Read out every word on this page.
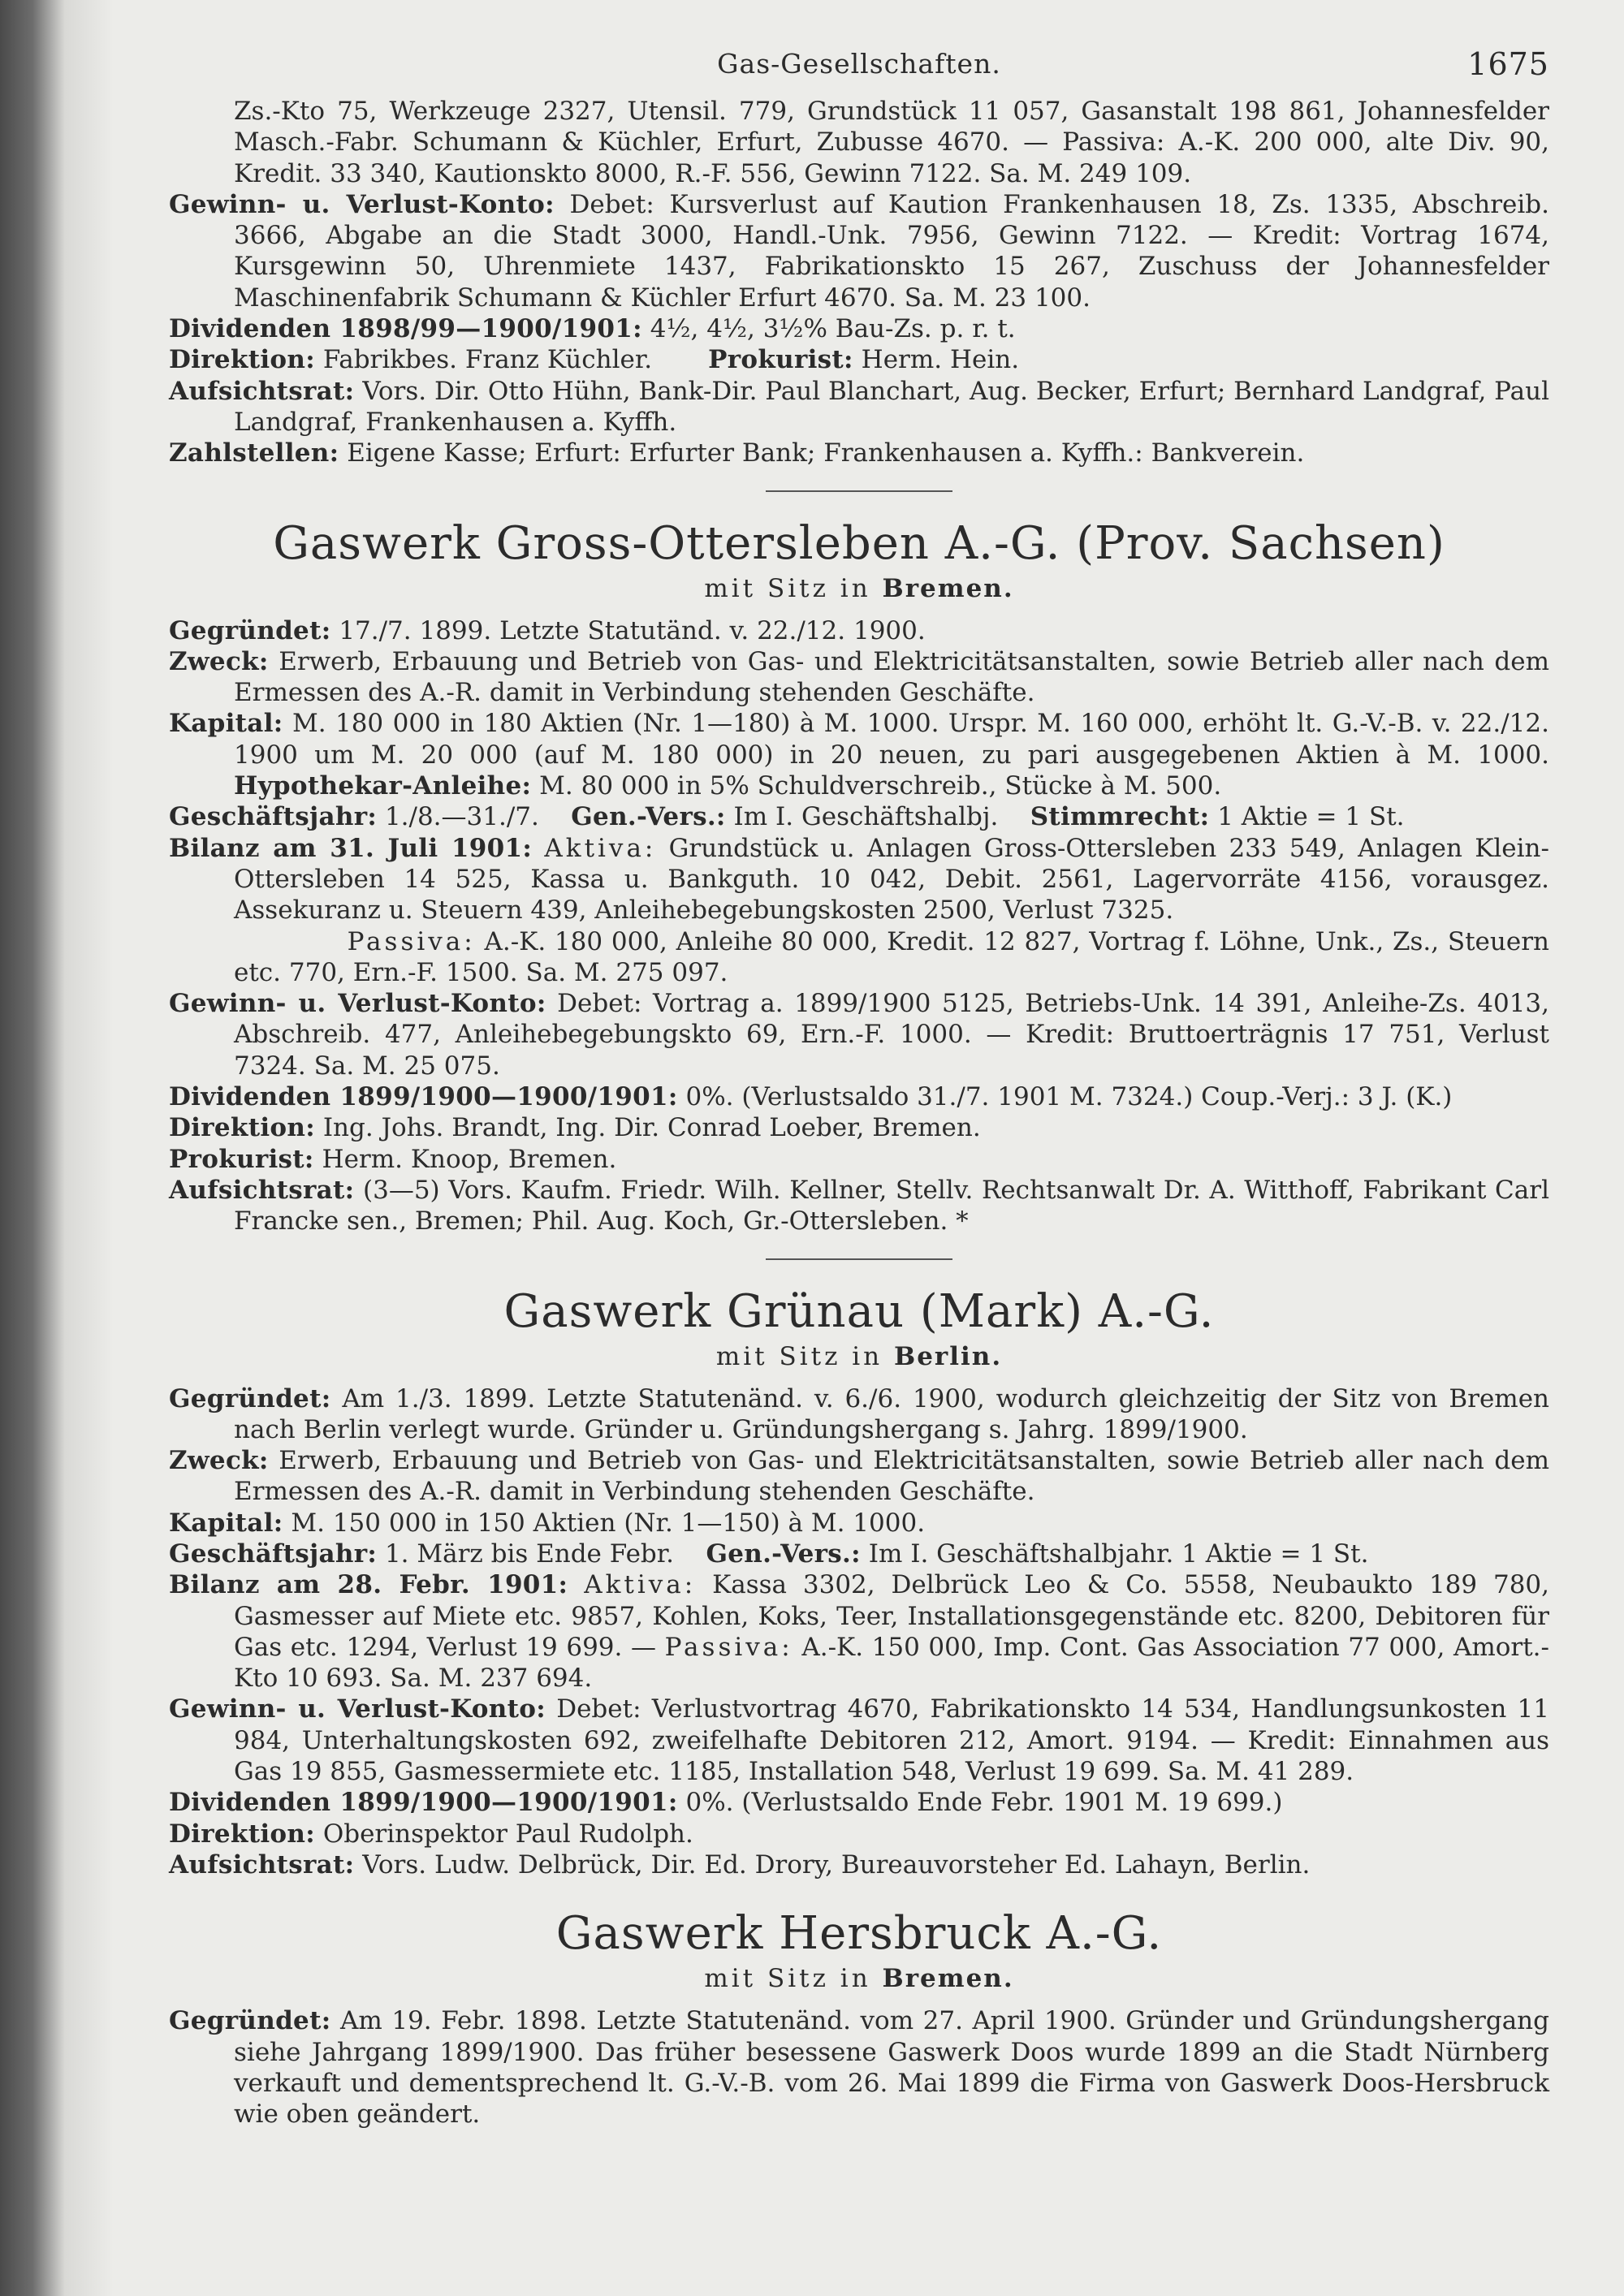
Gas-Gesellschaften.	1675

Zs.-Kto 75, Werkzeuge 2327, Utensil. 779, Grundstück 11 057, Gasanstalt 198 861, Johannesfelder Masch.-Fabr. Schumann & Küchler, Erfurt, Zubusse 4670. — Passiva: A.-K. 200 000, alte Div. 90, Kredit. 33 340, Kautionskto 8000, R.-F. 556, Gewinn 7122. Sa. M. 249 109.

Gewinn- u. Verlust-Konto: Debet: Kursverlust auf Kaution Frankenhausen 18, Zs. 1335, Abschreib. 3666, Abgabe an die Stadt 3000, Handl.-Unk. 7956, Gewinn 7122. — Kredit: Vortrag 1674, Kursgewinn 50, Uhrenmiete 1437, Fabrikationskto 15 267, Zuschuss der Johannesfelder Maschinenfabrik Schumann & Küchler Erfurt 4670. Sa. M. 23 100.

Dividenden 1898/99—1900/1901: 4½, 4½, 3½% Bau-Zs. p. r. t.

Direktion: Fabrikbes. Franz Küchler. Prokurist: Herm. Hein.

Aufsichtsrat: Vors. Dir. Otto Hühn, Bank-Dir. Paul Blanchart, Aug. Becker, Erfurt; Bernhard Landgraf, Paul Landgraf, Frankenhausen a. Kyffh.

Zahlstellen: Eigene Kasse; Erfurt: Erfurter Bank; Frankenhausen a. Kyffh.: Bankverein.

Gaswerk Gross-Ottersleben A.-G. (Prov. Sachsen)
mit Sitz in Bremen.

Gegründet: 17./7. 1899. Letzte Statutänd. v. 22./12. 1900.

Zweck: Erwerb, Erbauung und Betrieb von Gas- und Elektricitätsanstalten, sowie Betrieb aller nach dem Ermessen des A.-R. damit in Verbindung stehenden Geschäfte.

Kapital: M. 180 000 in 180 Aktien (Nr. 1—180) à M. 1000. Urspr. M. 160 000, erhöht lt. G.-V.-B. v. 22./12. 1900 um M. 20 000 (auf M. 180 000) in 20 neuen, zu pari ausgegebenen Aktien à M. 1000. Hypothekar-Anleihe: M. 80 000 in 5% Schuldverschreib., Stücke à M. 500.

Geschäftsjahr: 1./8.—31./7. Gen.-Vers.: Im I. Geschäftshalbj. Stimmrecht: 1 Aktie = 1 St.

Bilanz am 31. Juli 1901: Aktiva: Grundstück u. Anlagen Gross-Ottersleben 233 549, Anlagen Klein-Ottersleben 14 525, Kassa u. Bankguth. 10 042, Debit. 2561, Lagervorräte 4156, vorausgez. Assekuranz u. Steuern 439, Anleihebegebungskosten 2500, Verlust 7325.
Passiva: A.-K. 180 000, Anleihe 80 000, Kredit. 12 827, Vortrag f. Löhne, Unk., Zs., Steuern etc. 770, Ern.-F. 1500. Sa. M. 275 097.

Gewinn- u. Verlust-Konto: Debet: Vortrag a. 1899/1900 5125, Betriebs-Unk. 14 391, Anleihe-Zs. 4013, Abschreib. 477, Anleihebegebungskto 69, Ern.-F. 1000. — Kredit: Bruttoerträgnis 17 751, Verlust 7324. Sa. M. 25 075.

Dividenden 1899/1900—1900/1901: 0%. (Verlustsaldo 31./7. 1901 M. 7324.) Coup.-Verj.: 3 J. (K.)

Direktion: Ing. Johs. Brandt, Ing. Dir. Conrad Loeber, Bremen.

Prokurist: Herm. Knoop, Bremen.

Aufsichtsrat: (3—5) Vors. Kaufm. Friedr. Wilh. Kellner, Stellv. Rechtsanwalt Dr. A. Witthoff, Fabrikant Carl Francke sen., Bremen; Phil. Aug. Koch, Gr.-Ottersleben. *

Gaswerk Grünau (Mark) A.-G.
mit Sitz in Berlin.

Gegründet: Am 1./3. 1899. Letzte Statutenänd. v. 6./6. 1900, wodurch gleichzeitig der Sitz von Bremen nach Berlin verlegt wurde. Gründer u. Gründungshergang s. Jahrg. 1899/1900.

Zweck: Erwerb, Erbauung und Betrieb von Gas- und Elektricitätsanstalten, sowie Betrieb aller nach dem Ermessen des A.-R. damit in Verbindung stehenden Geschäfte.

Kapital: M. 150 000 in 150 Aktien (Nr. 1—150) à M. 1000.

Geschäftsjahr: 1. März bis Ende Febr. Gen.-Vers.: Im I. Geschäftshalbjahr. 1 Aktie = 1 St.

Bilanz am 28. Febr. 1901: Aktiva: Kassa 3302, Delbrück Leo & Co. 5558, Neubaukto 189 780, Gasmesser auf Miete etc. 9857, Kohlen, Koks, Teer, Installationsgegenstände etc. 8200, Debitoren für Gas etc. 1294, Verlust 19 699. — Passiva: A.-K. 150 000, Imp. Cont. Gas Association 77 000, Amort.-Kto 10 693. Sa. M. 237 694.

Gewinn- u. Verlust-Konto: Debet: Verlustvortrag 4670, Fabrikationskto 14 534, Handlungsunkosten 11 984, Unterhaltungskosten 692, zweifelhafte Debitoren 212, Amort. 9194. — Kredit: Einnahmen aus Gas 19 855, Gasmessermiete etc. 1185, Installation 548, Verlust 19 699. Sa. M. 41 289.

Dividenden 1899/1900—1900/1901: 0%. (Verlustsaldo Ende Febr. 1901 M. 19 699.)

Direktion: Oberinspektor Paul Rudolph.

Aufsichtsrat: Vors. Ludw. Delbrück, Dir. Ed. Drory, Bureauvorsteher Ed. Lahayn, Berlin.

Gaswerk Hersbruck A.-G.
mit Sitz in Bremen.

Gegründet: Am 19. Febr. 1898. Letzte Statutenänd. vom 27. April 1900. Gründer und Gründungshergang siehe Jahrgang 1899/1900. Das früher besessene Gaswerk Doos wurde 1899 an die Stadt Nürnberg verkauft und dementsprechend lt. G.-V.-B. vom 26. Mai 1899 die Firma von Gaswerk Doos-Hersbruck wie oben geändert.
